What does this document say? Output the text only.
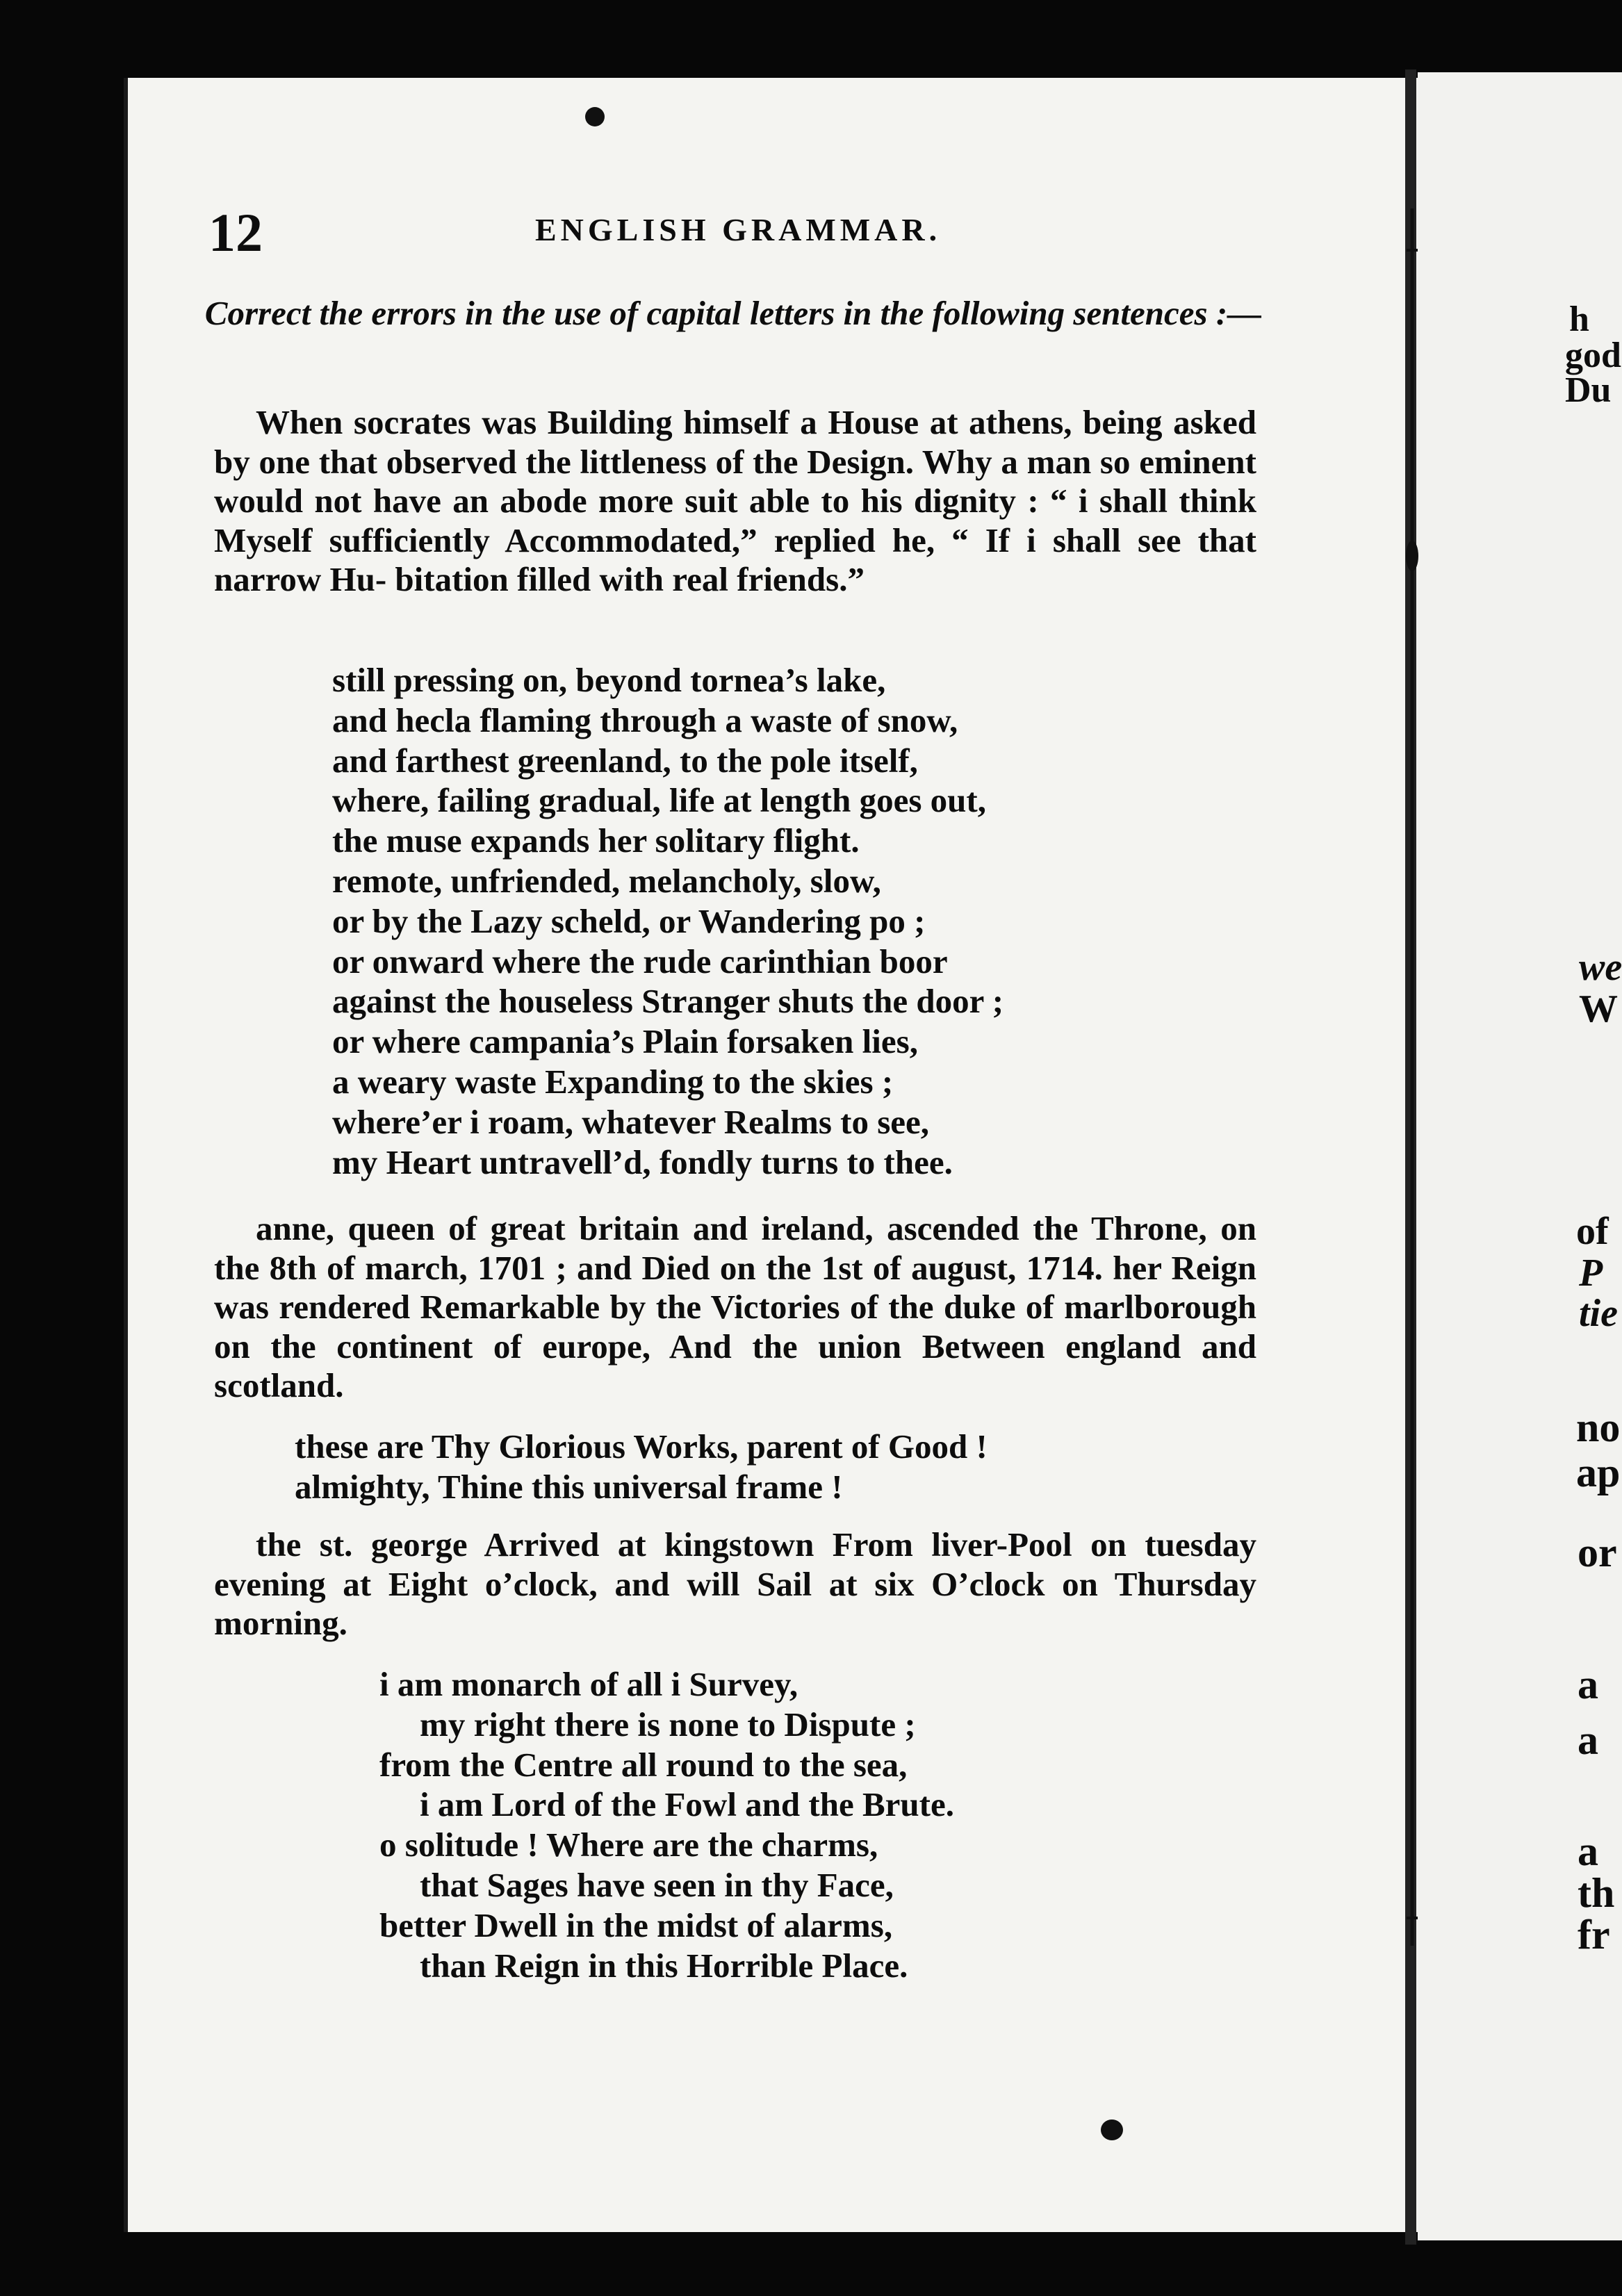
12	ENGLISH GRAMMAR.
Correct the errors in the use of capital letters in the following sentences :—
When socrates was Building himself a House at athens, being asked by one that observed the littleness of the Design. Why a man so eminent would not have an abode more suit able to his dignity : “ i shall think Myself sufficiently Accommodated,” replied he, “ If i shall see that narrow Hu- bitation filled with real friends.”
still pressing on, beyond tornea’s lake,
and hecla flaming through a waste of snow,
and farthest greenland, to the pole itself,
where, failing gradual, life at length goes out,
the muse expands her solitary flight.
remote, unfriended, melancholy, slow,
or by the Lazy scheld, or Wandering po ;
or onward where the rude carinthian boor
against the houseless Stranger shuts the door ;
or where campania’s Plain forsaken lies,
a weary waste Expanding to the skies ;
where’er i roam, whatever Realms to see,
my Heart untravell’d, fondly turns to thee.
anne, queen of great britain and ireland, ascended the Throne, on the 8th of march, 1701 ; and Died on the 1st of august, 1714. her Reign was rendered Remarkable by the Victories of the duke of marlborough on the continent of europe, And the union Between england and scotland.
these are Thy Glorious Works, parent of Good !
almighty, Thine this universal frame !
the st. george Arrived at kingstown From liver-Pool on tuesday evening at Eight o’clock, and will Sail at six O’clock on Thursday morning.
i am monarch of all i Survey,
my right there is none to Dispute ;
from the Centre all round to the sea,
i am Lord of the Fowl and the Brute.
o solitude ! Where are the charms,
that Sages have seen in thy Face,
better Dwell in the midst of alarms,
than Reign in this Horrible Place.
h
god
Du
we
W
of
P
tie
no
ap
or
a
a
a
th
fr
